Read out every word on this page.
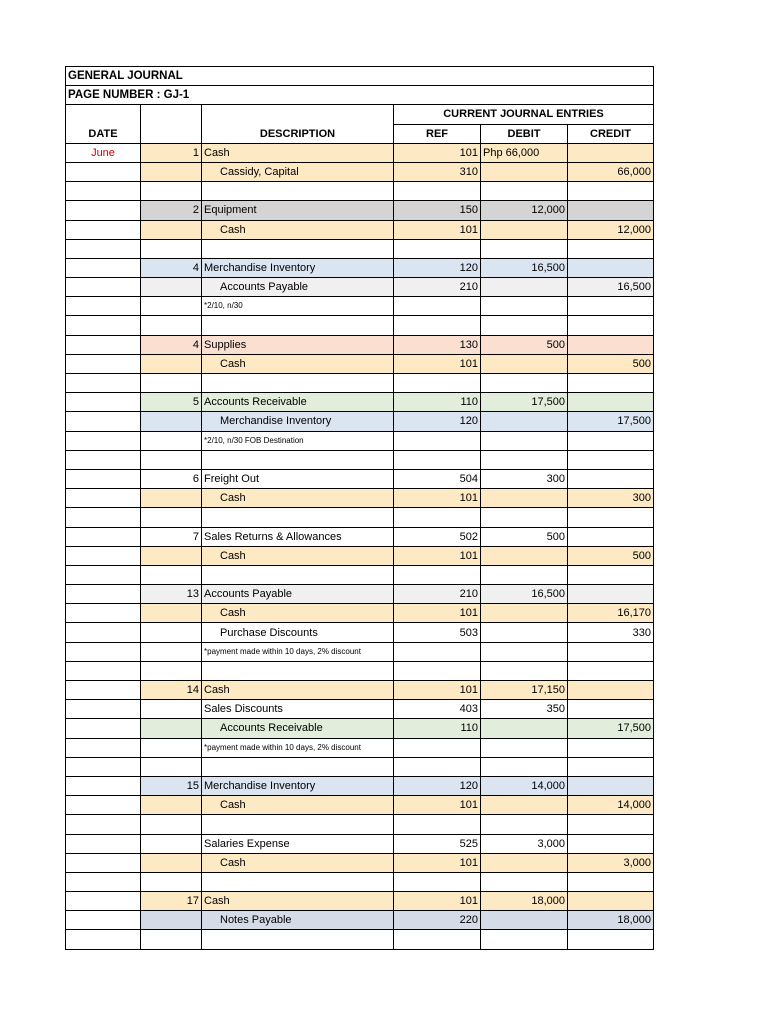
GENERAL JOURNAL					
PAGE NUMBER : GJ-1					
DATE		DESCRIPTION	CURRENT JOURNAL ENTRIES		
			REF	DEBIT	CREDIT
June	1	Cash	101	Php 66,000	
		Cassidy, Capital	310		66,000

	2	Equipment	150	12,000	
		Cash	101		12,000

	4	Merchandise Inventory	120	16,500	
		Accounts Payable	210		16,500
		*2/10, n/30			

	4	Supplies	130	500	
		Cash	101		500

	5	Accounts Receivable	110	17,500	
		Merchandise Inventory	120		17,500
		*2/10, n/30 FOB Destination			

	6	Freight Out	504	300	
		Cash	101		300

	7	Sales Returns & Allowances	502	500	
		Cash	101		500

	13	Accounts Payable	210	16,500	
		Cash	101		16,170
		Purchase Discounts	503		330
		*payment made within 10 days, 2% discount			

	14	Cash	101	17,150	
		Sales Discounts	403	350	
		Accounts Receivable	110		17,500
		*payment made within 10 days, 2% discount			

	15	Merchandise Inventory	120	14,000	
		Cash	101		14,000

		Salaries Expense	525	3,000	
		Cash	101		3,000

	17	Cash	101	18,000	
		Notes Payable	220		18,000
